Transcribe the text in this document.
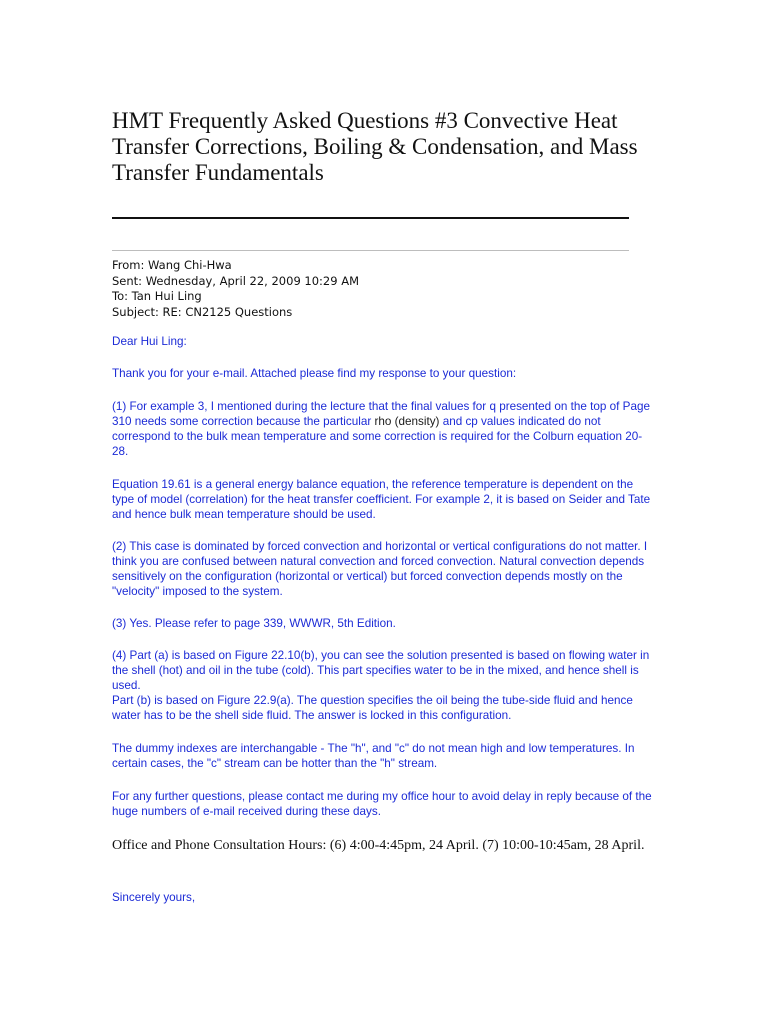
HMT Frequently Asked Questions #3 Convective Heat Transfer Corrections, Boiling & Condensation, and Mass Transfer Fundamentals
From: Wang Chi-Hwa
Sent: Wednesday, April 22, 2009 10:29 AM
To: Tan Hui Ling
Subject: RE: CN2125 Questions

Dear Hui Ling:

Thank you for your e-mail. Attached please find my response to your question:

(1) For example 3, I mentioned during the lecture that the final values for q presented on the top of Page 310 needs some correction because the particular rho (density) and cp values indicated do not correspond to the bulk mean temperature and some correction is required for the Colburn equation 20-28.

Equation 19.61 is a general energy balance equation, the reference temperature is dependent on the type of model (correlation) for the heat transfer coefficient. For example 2, it is based on Seider and Tate and hence bulk mean temperature should be used.

(2) This case is dominated by forced convection and horizontal or vertical configurations do not matter. I think you are confused between natural convection and forced convection. Natural convection depends sensitively on the configuration (horizontal or vertical) but forced convection depends mostly on the "velocity" imposed to the system.

(3) Yes. Please refer to page 339, WWWR, 5th Edition.

(4) Part (a) is based on Figure 22.10(b), you can see the solution presented is based on flowing water in the shell (hot) and oil in the tube (cold). This part specifies water to be in the mixed, and hence shell is used.

Part (b) is based on Figure 22.9(a). The question specifies the oil being the tube-side fluid and hence water has to be the shell side fluid. The answer is locked in this configuration.

The dummy indexes are interchangable - The "h", and "c" do not mean high and low temperatures. In certain cases, the "c" stream can be hotter than the "h" stream.

For any further questions, please contact me during my office hour to avoid delay in reply because of the huge numbers of e-mail received during these days.

Office and Phone Consultation Hours: (6) 4:00-4:45pm, 24 April. (7) 10:00-10:45am, 28 April.

Sincerely yours,
